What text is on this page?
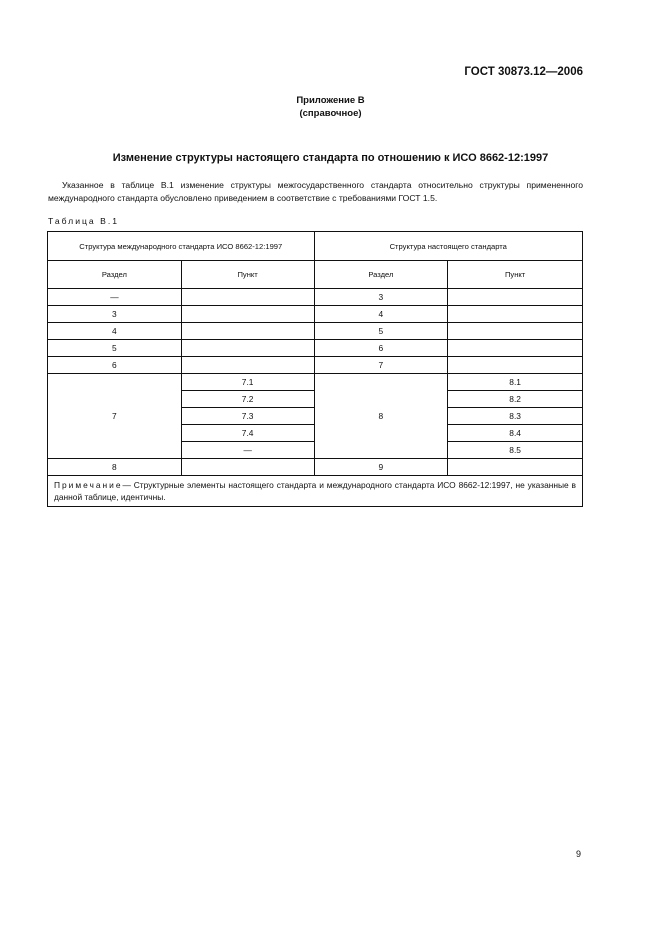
ГОСТ 30873.12—2006
Приложение В
(справочное)
Изменение структуры настоящего стандарта по отношению к ИСО 8662-12:1997
Указанное в таблице В.1 изменение структуры межгосударственного стандарта относительно структуры примененного международного стандарта обусловлено приведением в соответствие с требованиями ГОСТ 1.5.
Таблица В.1
Структура международного стандарта ИСО 8662-12:1997		Структура настоящего стандарта	
Раздел	Пункт	Раздел	Пункт
—		3	
3		4	
4		5	
5		6	
6		7	
7	7.1	8	8.1
	7.2		8.2
	7.3		8.3
	7.4		8.4
	—		8.5
8		9	
Примечание— Структурные элементы настоящего стандарта и международного стандарта ИСО 8662-12:1997, не указанные в данной таблице, идентичны.			
9
